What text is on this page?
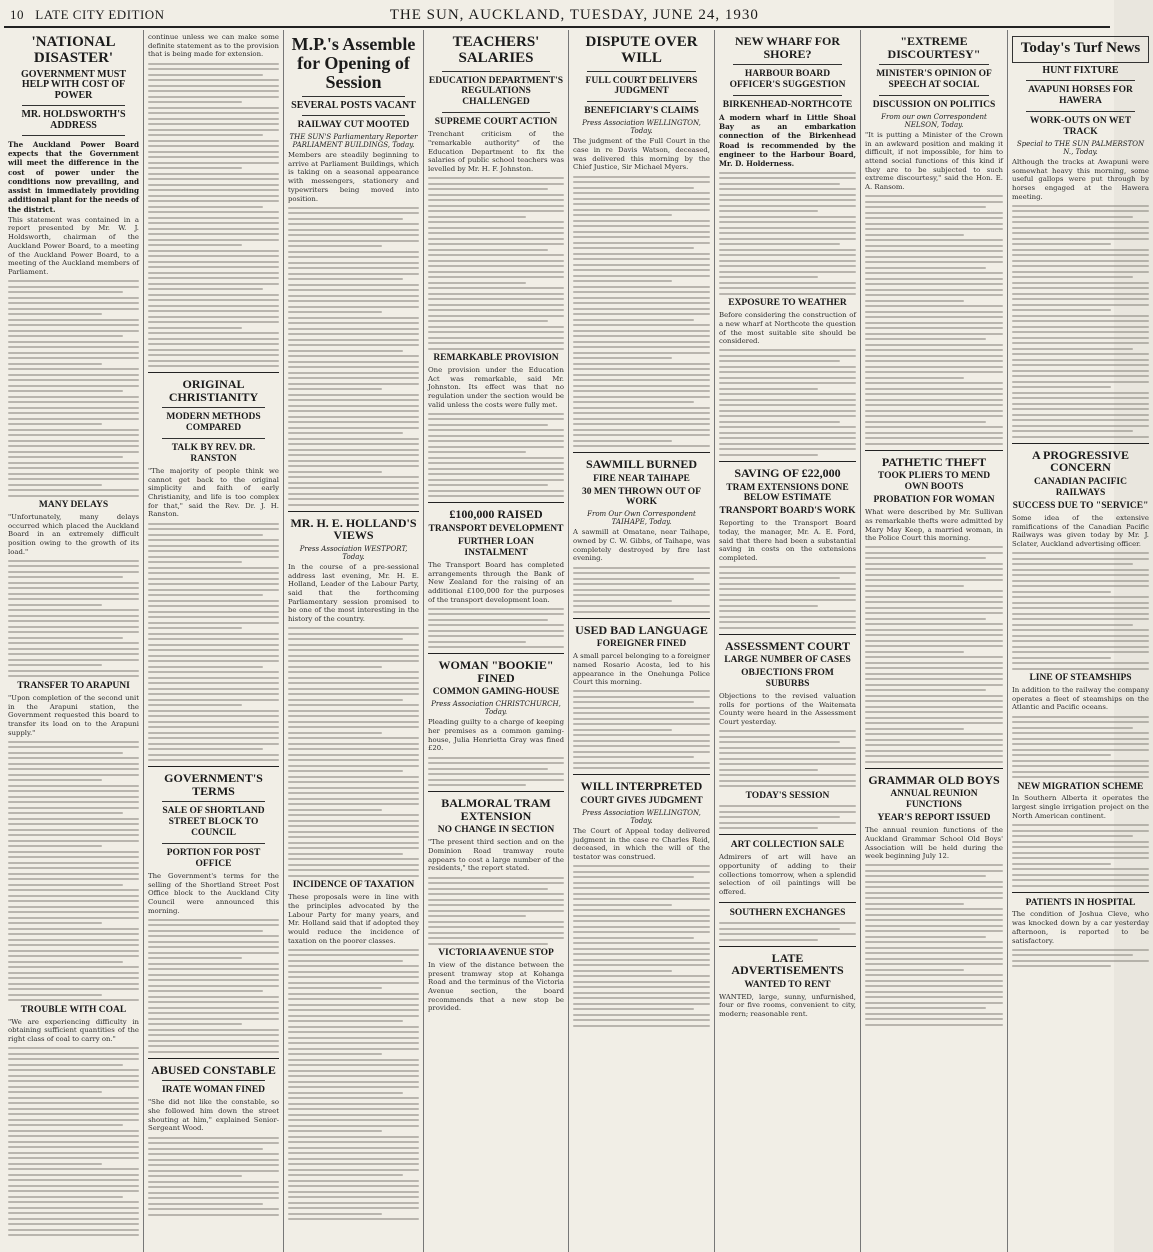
10 LATE CITY EDITION	THE SUN, AUCKLAND, TUESDAY, JUNE 24, 1930
'NATIONAL DISASTER'
GOVERNMENT MUST HELP WITH COST OF POWER
MR. HOLDSWORTH'S ADDRESS

The Auckland Power Board expects that the Government will meet the difference in the cost of power under the conditions now prevailing, and assist in immediately providing additional plant for the needs of the district.

This statement was contained in a report presented by Mr. W. J. Holdsworth, chairman of the Auckland Power Board, to a meeting of the Auckland Power Board, to a meeting of the Auckland members of Parliament.

MANY DELAYS

"Unfortunately, many delays occurred which placed the Auckland Board in an extremely difficult position owing to the growth of its load."

TRANSFER TO ARAPUNI

"Upon completion of the second unit in the Arapuni station, the Government requested this board to transfer its load on to the Arapuni supply."

TROUBLE WITH COAL

"We are experiencing difficulty in obtaining sufficient quantities of the right class of coal to carry on."

continue unless we can make some definite statement as to the provision that is being made for extension.

ORIGINAL CHRISTIANITY
MODERN METHODS COMPARED
TALK BY REV. DR. RANSTON

"The majority of people think we cannot get back to the original simplicity and faith of early Christianity, and life is too complex for that," said the Rev. Dr. J. H. Ranston.

GOVERNMENT'S TERMS
SALE OF SHORTLAND STREET BLOCK TO COUNCIL
PORTION FOR POST OFFICE

The Government's terms for the selling of the Shortland Street Post Office block to the Auckland City Council were announced this morning.

ABUSED CONSTABLE
IRATE WOMAN FINED

"She did not like the constable, so she followed him down the street shouting at him," explained Senior-Sergeant Wood.

M.P.'s Assemble for Opening of Session
SEVERAL POSTS VACANT
RAILWAY CUT MOOTED
THE SUN'S Parliamentary Reporter PARLIAMENT BUILDINGS, Today.

Members are steadily beginning to arrive at Parliament Buildings, which is taking on a seasonal appearance with messengers, stationery and typewriters being moved into position.

MR. H. E. HOLLAND'S VIEWS
Press Association WESTPORT, Today.

In the course of a pre-sessional address last evening, Mr. H. E. Holland, Leader of the Labour Party, said that the forthcoming Parliamentary session promised to be one of the most interesting in the history of the country.

INCIDENCE OF TAXATION

These proposals were in line with the principles advocated by the Labour Party for many years, and Mr. Holland said that if adopted they would reduce the incidence of taxation on the poorer classes.

TEACHERS' SALARIES
EDUCATION DEPARTMENT'S REGULATIONS CHALLENGED
SUPREME COURT ACTION

Trenchant criticism of the "remarkable authority" of the Education Department to fix the salaries of public school teachers was levelled by Mr. H. F. Johnston.

REMARKABLE PROVISION

One provision under the Education Act was remarkable, said Mr. Johnston. Its effect was that no regulation under the section would be valid unless the costs were fully met.

£100,000 RAISED
TRANSPORT DEVELOPMENT
FURTHER LOAN INSTALMENT

The Transport Board has completed arrangements through the Bank of New Zealand for the raising of an additional £100,000 for the purposes of the transport development loan.

WOMAN "BOOKIE" FINED
COMMON GAMING-HOUSE
Press Association CHRISTCHURCH, Today.

Pleading guilty to a charge of keeping her premises as a common gaming-house, Julia Henrietta Gray was fined £20.

BALMORAL TRAM EXTENSION
NO CHANGE IN SECTION

"The present third section and on the Dominion Road tramway route appears to cost a large number of the residents," the report stated.

VICTORIA AVENUE STOP

In view of the distance between the present tramway stop at Kohanga Road and the terminus of the Victoria Avenue section, the board recommends that a new stop be provided.

DISPUTE OVER WILL
FULL COURT DELIVERS JUDGMENT
BENEFICIARY'S CLAIMS
Press Association WELLINGTON, Today.

The judgment of the Full Court in the case in re Davis Watson, deceased, was delivered this morning by the Chief Justice, Sir Michael Myers.

SAWMILL BURNED
FIRE NEAR TAIHAPE
30 MEN THROWN OUT OF WORK
From Our Own Correspondent TAIHAPE, Today.

A sawmill at Omatane, near Taihape, owned by C. W. Gibbs, of Taihape, was completely destroyed by fire last evening.

USED BAD LANGUAGE
FOREIGNER FINED

A small parcel belonging to a foreigner named Rosario Acosta, led to his appearance in the Onehunga Police Court this morning.

WILL INTERPRETED
COURT GIVES JUDGMENT
Press Association WELLINGTON, Today.

The Court of Appeal today delivered judgment in the case re Charles Reid, deceased, in which the will of the testator was construed.

NEW WHARF FOR SHORE?
HARBOUR BOARD OFFICER'S SUGGESTION
BIRKENHEAD-NORTHCOTE

A modern wharf in Little Shoal Bay as an embarkation connection of the Birkenhead Road is recommended by the engineer to the Harbour Board, Mr. D. Holderness.

EXPOSURE TO WEATHER

Before considering the construction of a new wharf at Northcote the question of the most suitable site should be considered.

SAVING OF £22,000
TRAM EXTENSIONS DONE BELOW ESTIMATE
TRANSPORT BOARD'S WORK

Reporting to the Transport Board today, the manager, Mr. A. E. Ford, said that there had been a substantial saving in costs on the extensions completed.

ASSESSMENT COURT
LARGE NUMBER OF CASES
OBJECTIONS FROM SUBURBS

Objections to the revised valuation rolls for portions of the Waitemata County were heard in the Assessment Court yesterday.

TODAY'S SESSION
ART COLLECTION SALE

Admirers of art will have an opportunity of adding to their collections tomorrow, when a splendid selection of oil paintings will be offered.

SOUTHERN EXCHANGES
LATE ADVERTISEMENTS
WANTED TO RENT

WANTED, large, sunny, unfurnished, four or five rooms, convenient to city, modern; reasonable rent.

"EXTREME DISCOURTESY"
MINISTER'S OPINION OF SPEECH AT SOCIAL
DISCUSSION ON POLITICS
From our own Correspondent NELSON, Today.

"It is putting a Minister of the Crown in an awkward position and making it difficult, if not impossible, for him to attend social functions of this kind if they are to be subjected to such extreme discourtesy," said the Hon. E. A. Ransom.

PATHETIC THEFT
TOOK PLIERS TO MEND OWN BOOTS
PROBATION FOR WOMAN

What were described by Mr. Sullivan as remarkable thefts were admitted by Mary May Keep, a married woman, in the Police Court this morning.

GRAMMAR OLD BOYS
ANNUAL REUNION FUNCTIONS
YEAR'S REPORT ISSUED

The annual reunion functions of the Auckland Grammar School Old Boys' Association will be held during the week beginning July 12.

Today's Turf News
HUNT FIXTURE
AVAPUNI HORSES FOR HAWERA
WORK-OUTS ON WET TRACK
Special to THE SUN PALMERSTON N., Today.

Although the tracks at Awapuni were somewhat heavy this morning, some useful gallops were put through by horses engaged at the Hawera meeting.

A PROGRESSIVE CONCERN
CANADIAN PACIFIC RAILWAYS
SUCCESS DUE TO "SERVICE"

Some idea of the extensive ramifications of the Canadian Pacific Railways was given today by Mr. J. Sclater, Auckland advertising officer.

LINE OF STEAMSHIPS

In addition to the railway the company operates a fleet of steamships on the Atlantic and Pacific oceans.

NEW MIGRATION SCHEME

In Southern Alberta it operates the largest single irrigation project on the North American continent.

PATIENTS IN HOSPITAL

The condition of Joshua Cleve, who was knocked down by a car yesterday afternoon, is reported to be satisfactory.
